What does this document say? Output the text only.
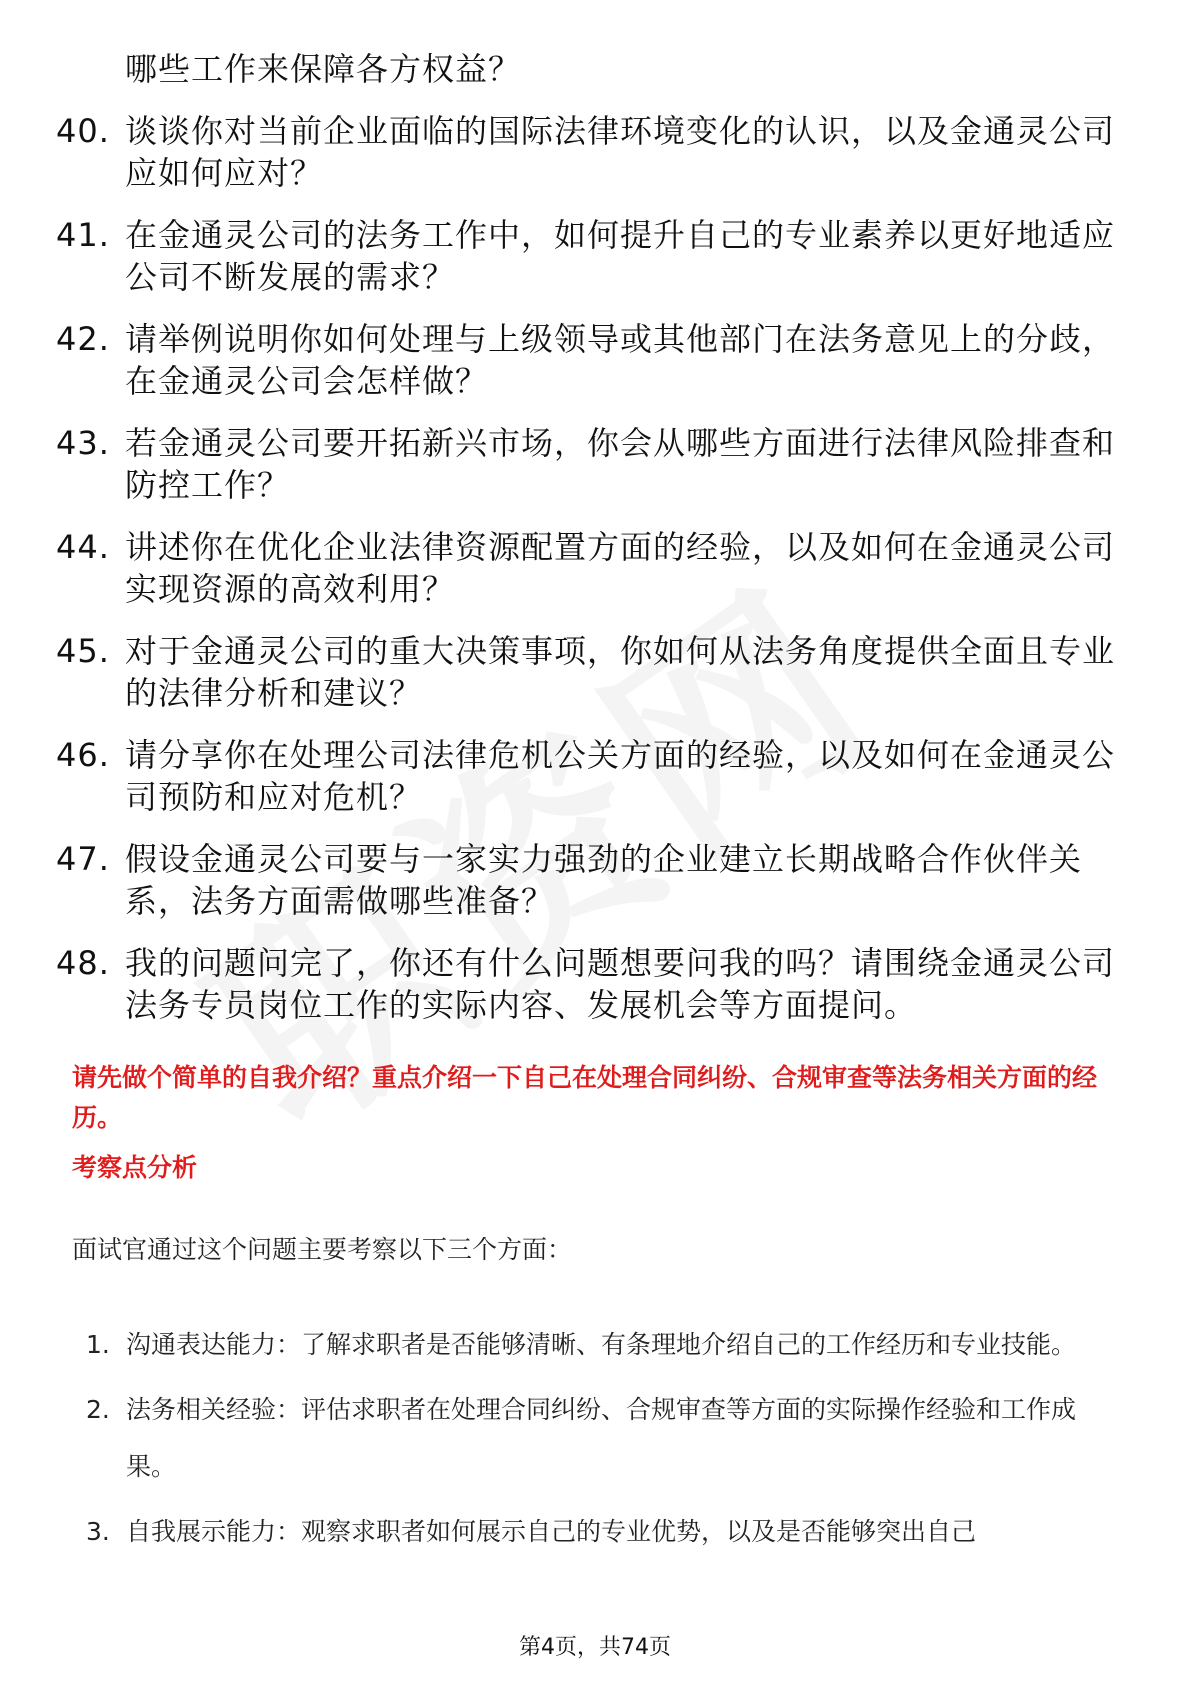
哪些工作来保障各方权益？
40. 谈谈你对当前企业面临的国际法律环境变化的认识，以及金通灵公司应如何应对？
41. 在金通灵公司的法务工作中，如何提升自己的专业素养以更好地适应公司不断发展的需求？
42. 请举例说明你如何处理与上级领导或其他部门在法务意见上的分歧，在金通灵公司会怎样做？
43. 若金通灵公司要开拓新兴市场，你会从哪些方面进行法律风险排查和防控工作？
44. 讲述你在优化企业法律资源配置方面的经验，以及如何在金通灵公司实现资源的高效利用？
45. 对于金通灵公司的重大决策事项，你如何从法务角度提供全面且专业的法律分析和建议？
46. 请分享你在处理公司法律危机公关方面的经验，以及如何在金通灵公司预防和应对危机？
47. 假设金通灵公司要与一家实力强劲的企业建立长期战略合作伙伴关系，法务方面需做哪些准备？
48. 我的问题问完了，你还有什么问题想要问我的吗？请围绕金通灵公司法务专员岗位工作的实际内容、发展机会等方面提问。
请先做个简单的自我介绍？重点介绍一下自己在处理合同纠纷、合规审查等法务相关方面的经历。
考察点分析
面试官通过这个问题主要考察以下三个方面：
1. 沟通表达能力：了解求职者是否能够清晰、有条理地介绍自己的工作经历和专业技能。
2. 法务相关经验：评估求职者在处理合同纠纷、合规审查等方面的实际操作经验和工作成果。
3. 自我展示能力：观察求职者如何展示自己的专业优势，以及是否能够突出自己
第4页，共74页
